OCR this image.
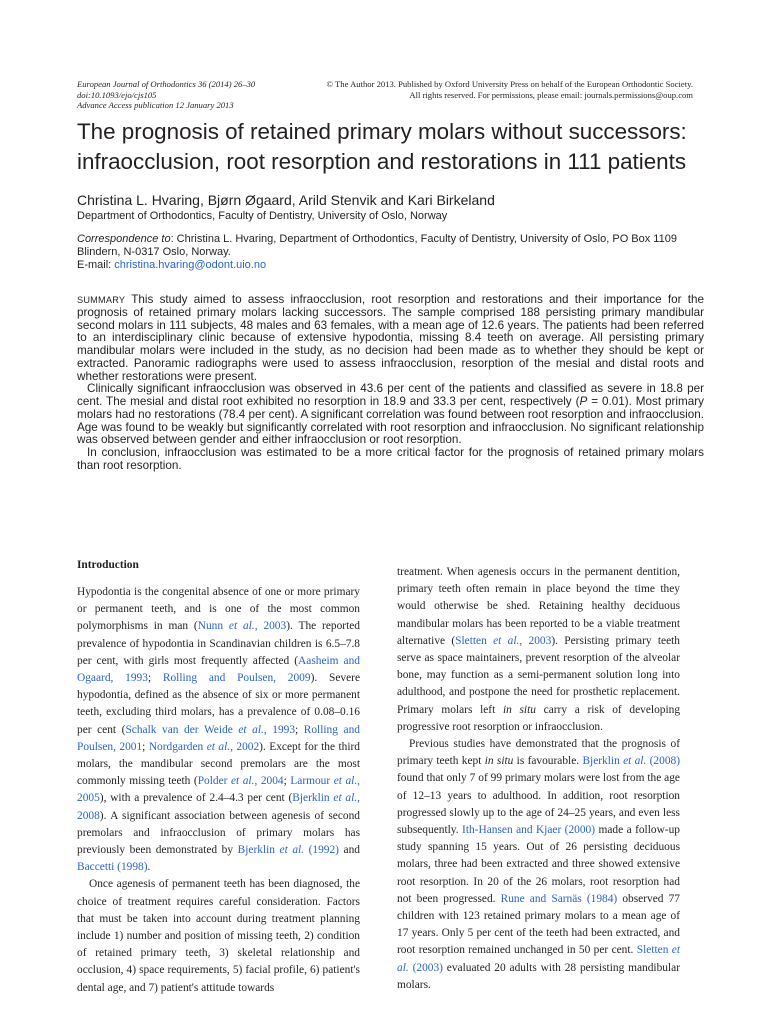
European Journal of Orthodontics 36 (2014) 26–30
doi:10.1093/ejo/cjs105
Advance Access publication 12 January 2013
© The Author 2013. Published by Oxford University Press on behalf of the European Orthodontic Society.
All rights reserved. For permissions, please email: journals.permissions@oup.com
The prognosis of retained primary molars without successors: infraocclusion, root resorption and restorations in 111 patients
Christina L. Hvaring, Bjørn Øgaard, Arild Stenvik and Kari Birkeland
Department of Orthodontics, Faculty of Dentistry, University of Oslo, Norway
Correspondence to: Christina L. Hvaring, Department of Orthodontics, Faculty of Dentistry, University of Oslo, PO Box 1109 Blindern, N-0317 Oslo, Norway.
E-mail: christina.hvaring@odont.uio.no

SUMMARY This study aimed to assess infraocclusion, root resorption and restorations and their importance for the prognosis of retained primary molars lacking successors. The sample comprised 188 persisting primary mandibular second molars in 111 subjects, 48 males and 63 females, with a mean age of 12.6 years. The patients had been referred to an interdisciplinary clinic because of extensive hypodontia, missing 8.4 teeth on average. All persisting primary mandibular molars were included in the study, as no decision had been made as to whether they should be kept or extracted. Panoramic radiographs were used to assess infraocclusion, resorption of the mesial and distal roots and whether restorations were present.

Clinically significant infraocclusion was observed in 43.6 per cent of the patients and classified as severe in 18.8 per cent. The mesial and distal root exhibited no resorption in 18.9 and 33.3 per cent, respectively (P = 0.01). Most primary molars had no restorations (78.4 per cent). A significant correlation was found between root resorption and infraocclusion. Age was found to be weakly but significantly correlated with root resorption and infraocclusion. No significant relationship was observed between gender and either infraocclusion or root resorption.

In conclusion, infraocclusion was estimated to be a more critical factor for the prognosis of retained primary molars than root resorption.

Introduction

Hypodontia is the congenital absence of one or more primary or permanent teeth, and is one of the most common polymorphisms in man (Nunn et al., 2003). The reported prevalence of hypodontia in Scandinavian children is 6.5–7.8 per cent, with girls most frequently affected (Aasheim and Ogaard, 1993; Rolling and Poulsen, 2009). Severe hypodontia, defined as the absence of six or more permanent teeth, excluding third molars, has a prevalence of 0.08–0.16 per cent (Schalk van der Weide et al., 1993; Rolling and Poulsen, 2001; Nordgarden et al., 2002). Except for the third molars, the mandibular second premolars are the most commonly missing teeth (Polder et al., 2004; Larmour et al., 2005), with a prevalence of 2.4–4.3 per cent (Bjerklin et al., 2008). A significant association between agenesis of second premolars and infraocclusion of primary molars has previously been demonstrated by Bjerklin et al. (1992) and Baccetti (1998).

Once agenesis of permanent teeth has been diagnosed, the choice of treatment requires careful consideration. Factors that must be taken into account during treatment planning include 1) number and position of missing teeth, 2) condition of retained primary teeth, 3) skeletal relationship and occlusion, 4) space requirements, 5) facial profile, 6) patient's dental age, and 7) patient's attitude towards

treatment. When agenesis occurs in the permanent dentition, primary teeth often remain in place beyond the time they would otherwise be shed. Retaining healthy deciduous mandibular molars has been reported to be a viable treatment alternative (Sletten et al., 2003). Persisting primary teeth serve as space maintainers, prevent resorption of the alveolar bone, may function as a semi-permanent solution long into adulthood, and postpone the need for prosthetic replacement. Primary molars left in situ carry a risk of developing progressive root resorption or infraocclusion.

Previous studies have demonstrated that the prognosis of primary teeth kept in situ is favourable. Bjerklin et al. (2008) found that only 7 of 99 primary molars were lost from the age of 12–13 years to adulthood. In addition, root resorption progressed slowly up to the age of 24–25 years, and even less subsequently. Ith-Hansen and Kjaer (2000) made a follow-up study spanning 15 years. Out of 26 persisting deciduous molars, three had been extracted and three showed extensive root resorption. In 20 of the 26 molars, root resorption had not been progressed. Rune and Sarnäs (1984) observed 77 children with 123 retained primary molars to a mean age of 17 years. Only 5 per cent of the teeth had been extracted, and root resorption remained unchanged in 50 per cent. Sletten et al. (2003) evaluated 20 adults with 28 persisting mandibular molars.
